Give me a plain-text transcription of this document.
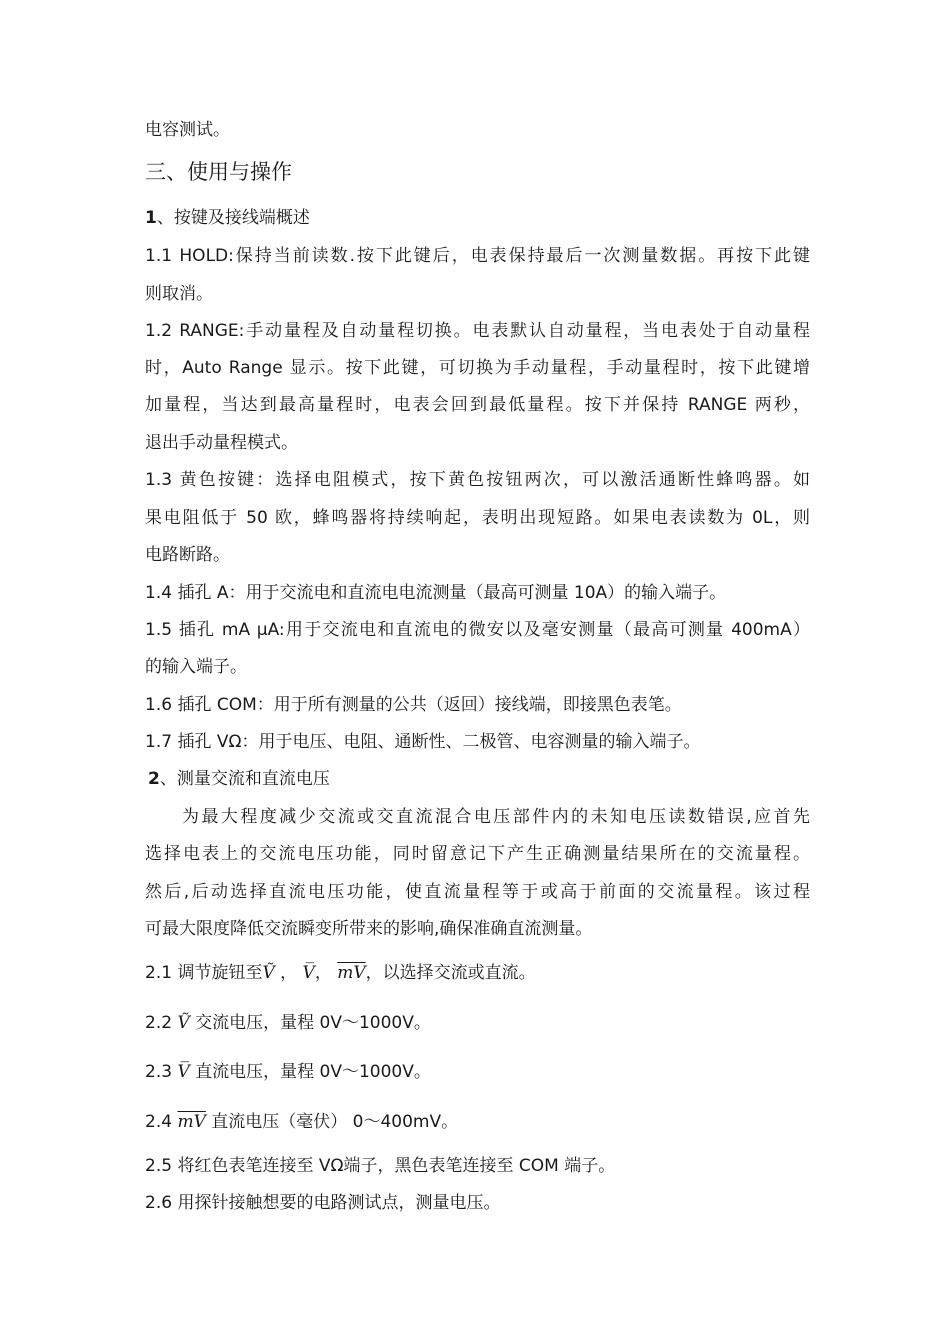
电容测试。
三、使用与操作
1、按键及接线端概述
1.1 HOLD:保持当前读数.按下此键后，电表保持最后一次测量数据。再按下此键
则取消。
1.2 RANGE:手动量程及自动量程切换。电表默认自动量程，当电表处于自动量程
时，Auto Range 显示。按下此键，可切换为手动量程，手动量程时，按下此键增
加量程，当达到最高量程时，电表会回到最低量程。按下并保持 RANGE 两秒，
退出手动量程模式。
1.3 黄色按键：选择电阻模式，按下黄色按钮两次，可以激活通断性蜂鸣器。如
果电阻低于 50 欧，蜂鸣器将持续响起，表明出现短路。如果电表读数为 0L，则
电路断路。
1.4 插孔 A：用于交流电和直流电电流测量（最高可测量 10A）的输入端子。
1.5 插孔 mA μA:用于交流电和直流电的微安以及毫安测量（最高可测量 400mA）
的输入端子。
1.6 插孔 COM：用于所有测量的公共（返回）接线端，即接黑色表笔。
1.7 插孔 VΩ：用于电压、电阻、通断性、二极管、电容测量的输入端子。
2、测量交流和直流电压
为最大程度减少交流或交直流混合电压部件内的未知电压读数错误,应首先
选择电表上的交流电压功能，同时留意记下产生正确测量结果所在的交流量程。
然后,后动选择直流电压功能，使直流量程等于或高于前面的交流量程。该过程
可最大限度降低交流瞬变所带来的影响,确保准确直流测量。
2.1 调节旋钮至Ṽ ， V̅， $\overline{mV}$，以选择交流或直流。
2.2 Ṽ 交流电压，量程 0V～1000V。
2.3 V̅ 直流电压，量程 0V～1000V。
2.4 $\overline{mV}$ 直流电压（毫伏） 0～400mV。
2.5 将红色表笔连接至 VΩ端子，黑色表笔连接至 COM 端子。
2.6 用探针接触想要的电路测试点，测量电压。
